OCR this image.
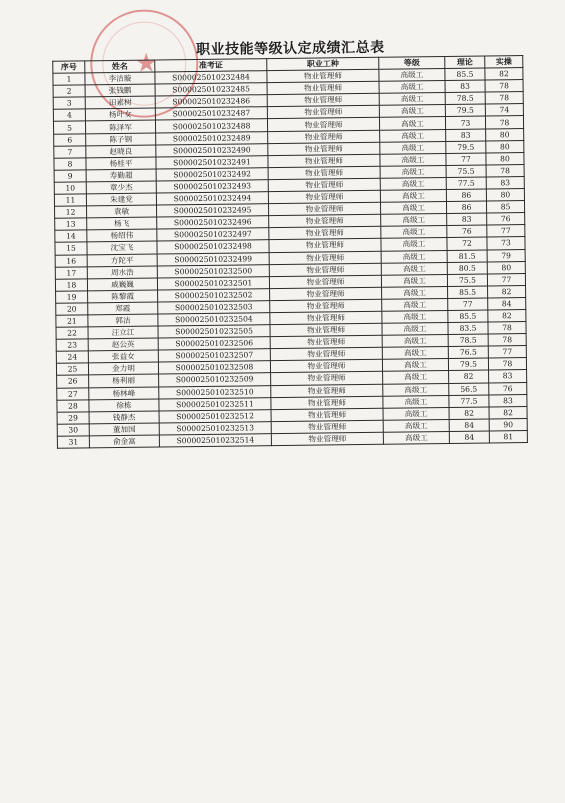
★	职业技能等级认定成绩汇总表
序号	姓名	准考证	职业工种	等级	理论	实操
1	李洁璇	S000025010232484	物业管理师	高级工	85.5	82
2	张钱鹏	S000025010232485	物业管理师	高级工	83	78
3	田素树	S000025010232486	物业管理师	高级工	78.5	78
4	杨叶女	S000025010232487	物业管理师	高级工	79.5	74
5	陈泽军	S000025010232488	物业管理师	高级工	73	78
6	陈子钢	S000025010232489	物业管理师	高级工	83	80
7	赵晓良	S000025010232490	物业管理师	高级工	79.5	80
8	杨桂平	S000025010232491	物业管理师	高级工	77	80
9	寿勤超	S000025010232492	物业管理师	高级工	75.5	78
10	章少杰	S000025010232493	物业管理师	高级工	77.5	83
11	朱建党	S000025010232494	物业管理师	高级工	86	80
12	袁敏	S000025010232495	物业管理师	高级工	86	85
13	杨飞	S000025010232496	物业管理师	高级工	83	76
14	杨绍伟	S000025010232497	物业管理师	高级工	76	77
15	沈宝飞	S000025010232498	物业管理师	高级工	72	73
16	方陀平	S000025010232499	物业管理师	高级工	81.5	79
17	周水浩	S000025010232500	物业管理师	高级工	80.5	80
18	戚巍巍	S000025010232501	物业管理师	高级工	75.5	77
19	陈黎霞	S000025010232502	物业管理师	高级工	85.5	82
20	郑霞	S000025010232503	物业管理师	高级工	77	84
21	郭洁	S000025010232504	物业管理师	高级工	85.5	82
22	汪立江	S000025010232505	物业管理师	高级工	83.5	78
23	赵公英	S000025010232506	物业管理师	高级工	78.5	78
24	张益女	S000025010232507	物业管理师	高级工	76.5	77
25	金力明	S000025010232508	物业管理师	高级工	79.5	78
26	杨利丽	S000025010232509	物业管理师	高级工	82	83
27	杨林峰	S000025010232510	物业管理师	高级工	56.5	76
28	徐栋	S000025010232511	物业管理师	高级工	77.5	83
29	钱静杰	S000025010232512	物业管理师	高级工	82	82
30	董加国	S000025010232513	物业管理师	高级工	84	90
31	俞金富	S000025010232514	物业管理师	高级工	84	81
